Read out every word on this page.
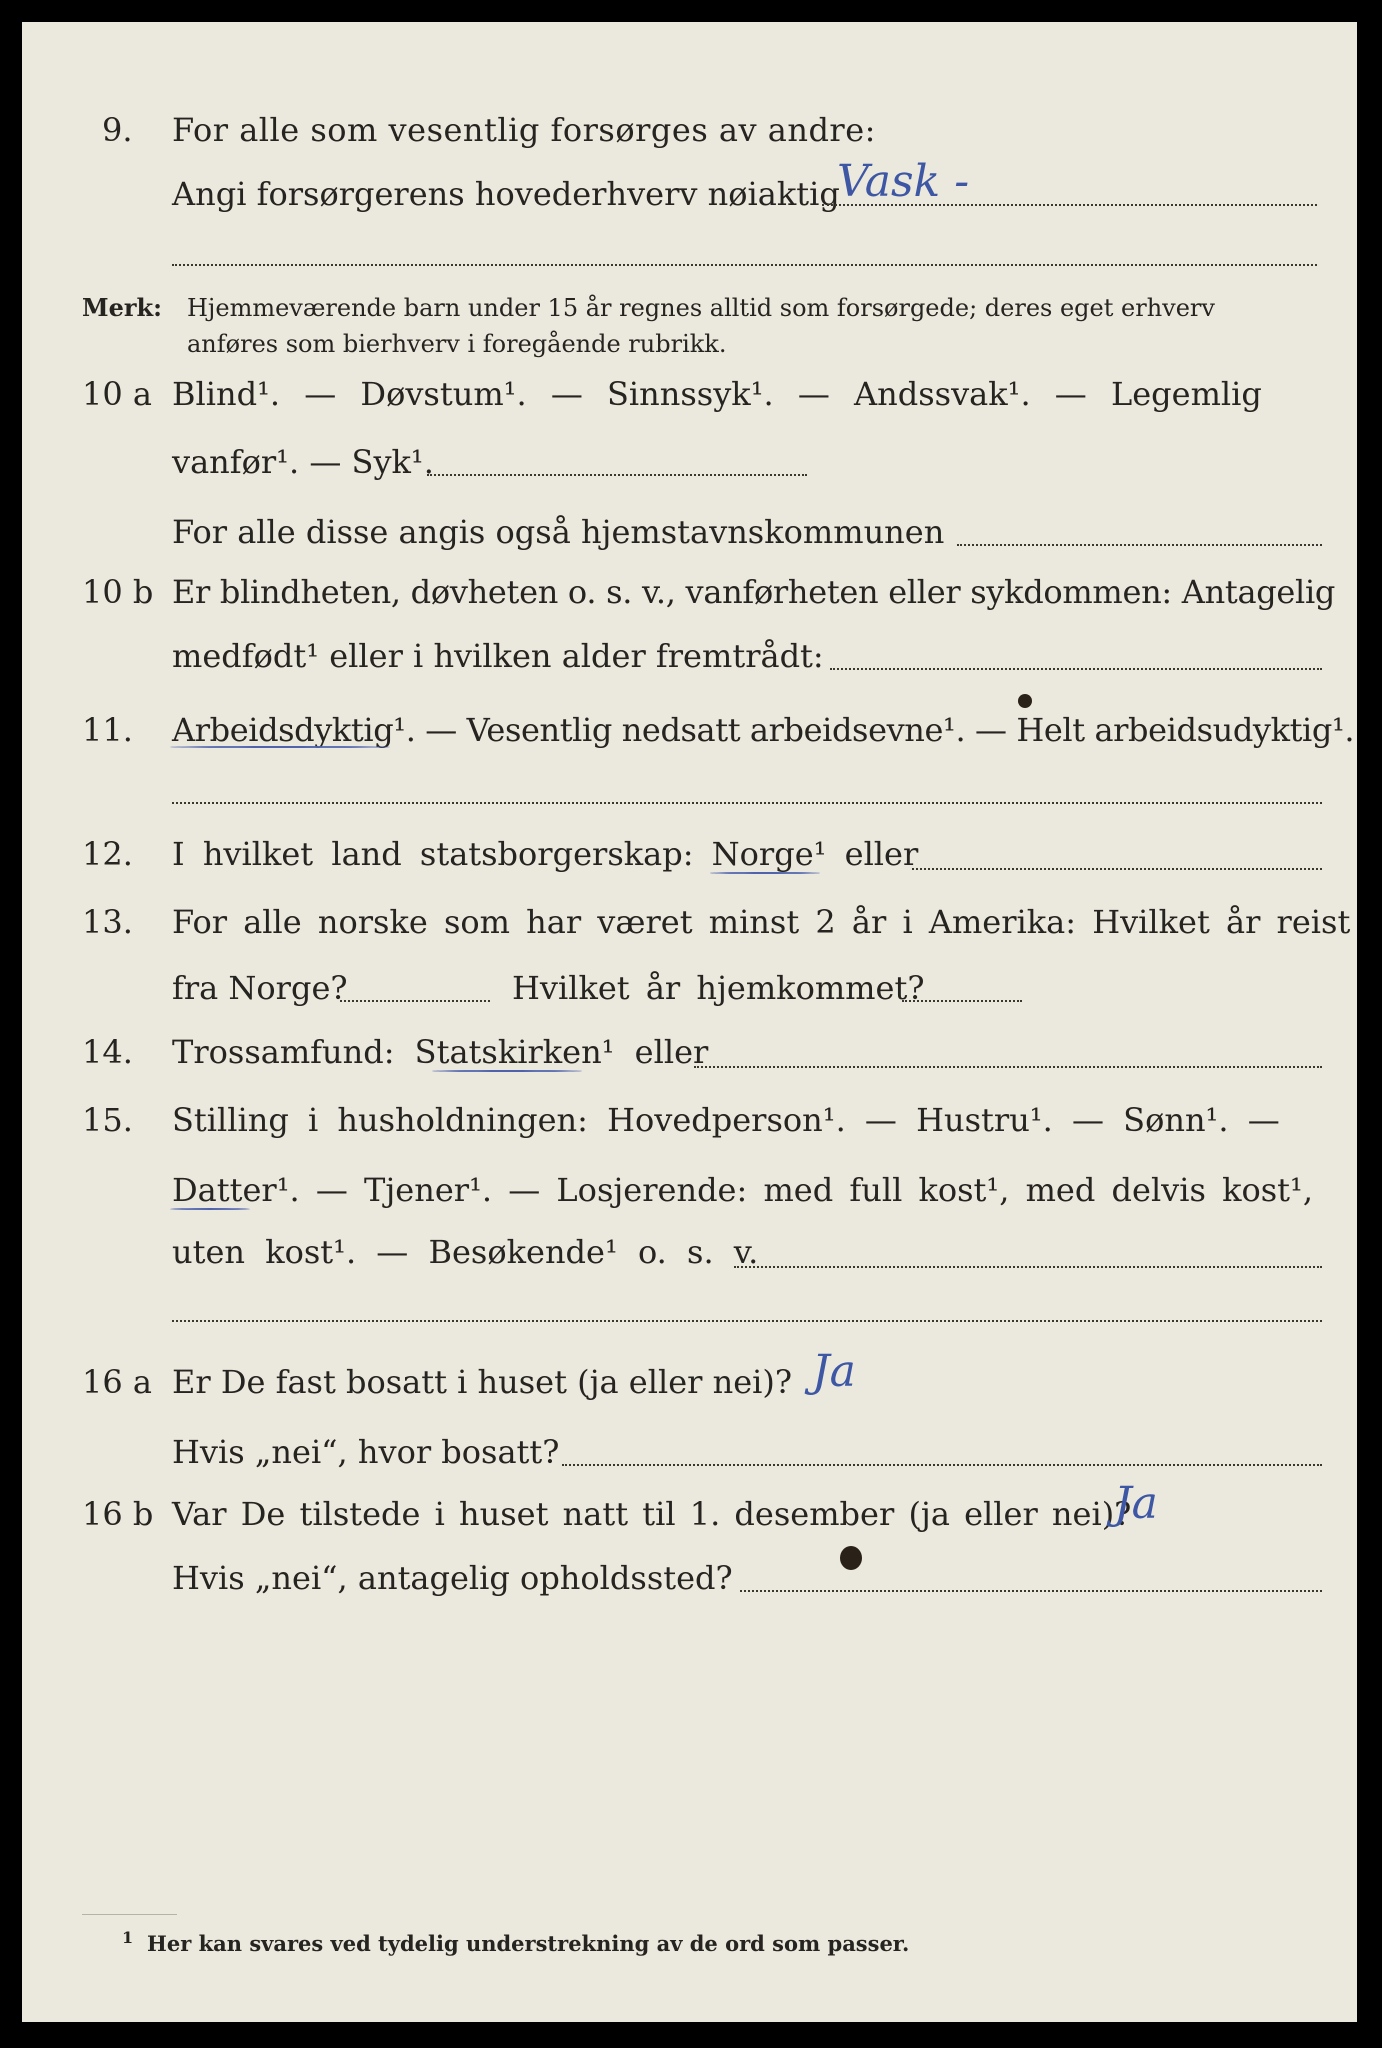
9. For alle som vesentlig forsørges av andre:
Angi forsørgerens hovederhverv nøiaktig
Vask -
Merk: Hjemmeværende barn under 15 år regnes alltid som forsørgede; deres eget erhverv
anføres som bierhverv i foregående rubrikk.
10 a Blind¹. — Døvstum¹. — Sinnssyk¹. — Andssvak¹. — Legemlig
vanfør¹. — Syk¹.
For alle disse angis også hjemstavnskommunen
10 b Er blindheten, døvheten o. s. v., vanførheten eller sykdommen: Antagelig
medfødt¹ eller i hvilken alder fremtrådt:
11. Arbeidsdyktig¹. — Vesentlig nedsatt arbeidsevne¹. — Helt arbeidsudyktig¹.
12. I hvilket land statsborgerskap: Norge¹ eller
13. For alle norske som har været minst 2 år i Amerika: Hvilket år reist
fra Norge?	Hvilket år hjemkommet?
14. Trossamfund: Statskirken¹ eller
15. Stilling i husholdningen: Hovedperson¹. — Hustru¹. — Sønn¹. —
Datter¹. — Tjener¹. — Losjerende: med full kost¹, med delvis kost¹,
uten kost¹. — Besøkende¹ o. s. v.
16 a Er De fast bosatt i huset (ja eller nei)? Ja
Hvis „nei“, hvor bosatt?
16 b Var De tilstede i huset natt til 1. desember (ja eller nei)?
Ja
Hvis „nei“, antagelig opholdssted?
1 Her kan svares ved tydelig understrekning av de ord som passer.
